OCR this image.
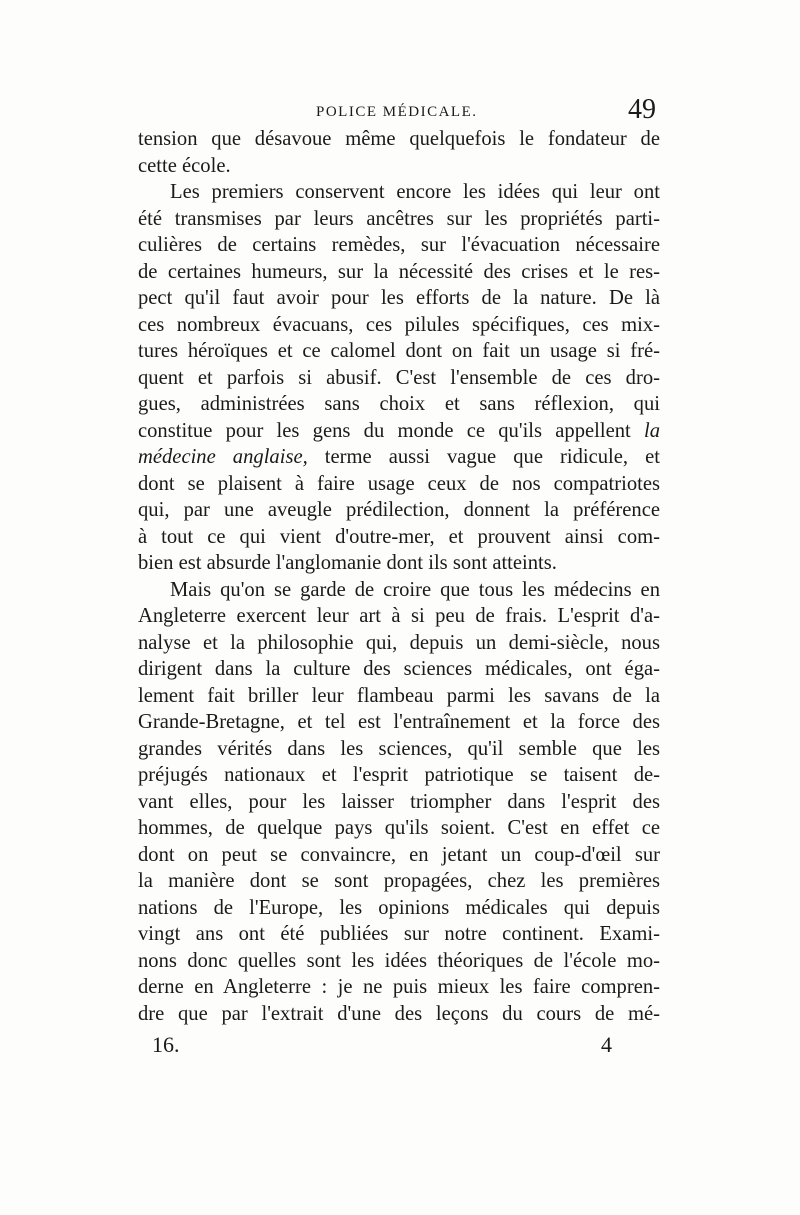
POLICE MÉDICALE.	49
tension que désavoue même quelquefois le fondateur de
cette école.
Les premiers conservent encore les idées qui leur ont
été transmises par leurs ancêtres sur les propriétés parti-
culières de certains remèdes, sur l'évacuation nécessaire
de certaines humeurs, sur la nécessité des crises et le res-
pect qu'il faut avoir pour les efforts de la nature. De là
ces nombreux évacuans, ces pilules spécifiques, ces mix-
tures héroïques et ce calomel dont on fait un usage si fré-
quent et parfois si abusif. C'est l'ensemble de ces dro-
gues, administrées sans choix et sans réflexion, qui
constitue pour les gens du monde ce qu'ils appellent la
médecine anglaise, terme aussi vague que ridicule, et
dont se plaisent à faire usage ceux de nos compatriotes
qui, par une aveugle prédilection, donnent la préférence
à tout ce qui vient d'outre-mer, et prouvent ainsi com-
bien est absurde l'anglomanie dont ils sont atteints.
Mais qu'on se garde de croire que tous les médecins en
Angleterre exercent leur art à si peu de frais. L'esprit d'a-
nalyse et la philosophie qui, depuis un demi-siècle, nous
dirigent dans la culture des sciences médicales, ont éga-
lement fait briller leur flambeau parmi les savans de la
Grande-Bretagne, et tel est l'entraînement et la force des
grandes vérités dans les sciences, qu'il semble que les
préjugés nationaux et l'esprit patriotique se taisent de-
vant elles, pour les laisser triompher dans l'esprit des
hommes, de quelque pays qu'ils soient. C'est en effet ce
dont on peut se convaincre, en jetant un coup-d'œil sur
la manière dont se sont propagées, chez les premières
nations de l'Europe, les opinions médicales qui depuis
vingt ans ont été publiées sur notre continent. Exami-
nons donc quelles sont les idées théoriques de l'école mo-
derne en Angleterre : je ne puis mieux les faire compren-
dre que par l'extrait d'une des leçons du cours de mé-
16.	4
